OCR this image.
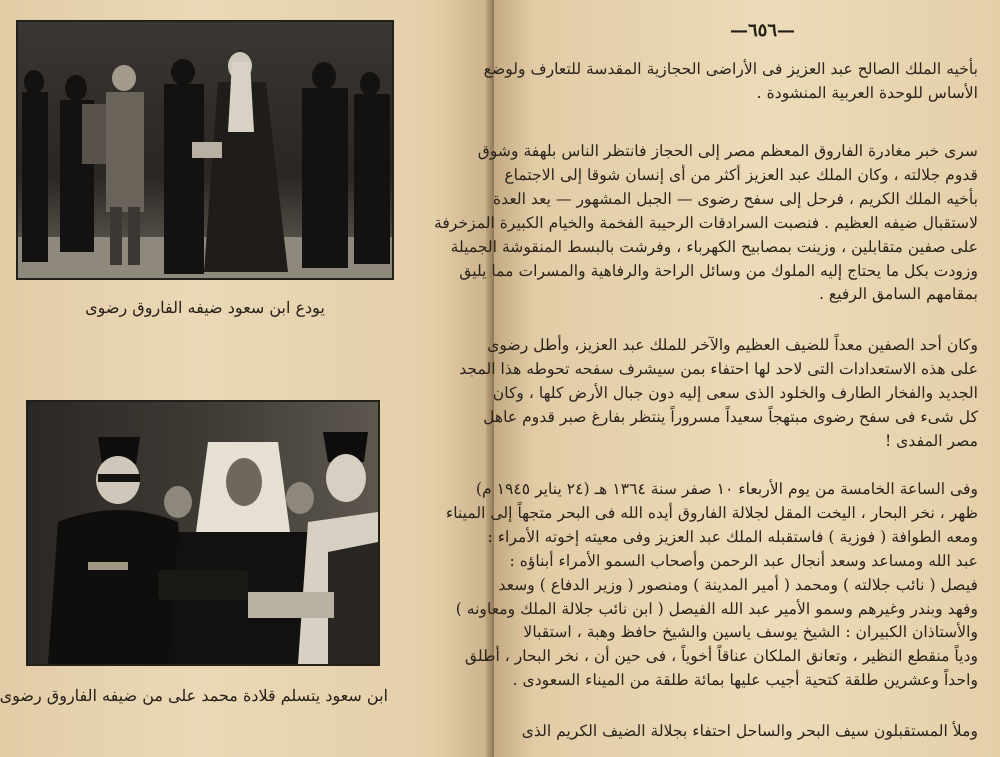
يودع ابن سعود ضيفه الفاروق رضوى
ابن سعود يتسلم قلادة محمد على من ضيفه الفاروق رضوى
—٦٥٦—

بأخيه الملك الصالح عبد العزيز فى الأراضى الحجازية المقدسة للتعارف ولوضع
الأساس للوحدة العربية المنشودة .

سرى خبر مغادرة الفاروق المعظم مصر إلى الحجاز فانتظر الناس بلهفة وشوق
قدوم جلالته ، وكان الملك عبد العزيز أكثر من أى إنسان شوقا إلى الاجتماع
بأخيه الملك الكريم ، فرحل إلى سفح رضوى — الجبل المشهور — يعد العدة
لاستقبال ضيفه العظيم . فنصبت السرادقات الرحيبة الفخمة والخيام الكبيرة المزخرفة
على صفين متقابلين ، وزينت بمصابيح الكهرباء ، وفرشت بالبسط المنقوشة الجميلة
وزودت بكل ما يحتاج إليه الملوك من وسائل الراحة والرفاهية والمسرات مما يليق
بمقامهم السامق الرفيع .

وكان أحد الصفين معداً للضيف العظيم والآخر للملك عبد العزيز، وأطل رضوى
على هذه الاستعدادات التى لاحد لها احتفاء بمن سيشرف سفحه تحوطه هذا المجد
الجديد والفخار الطارف والخلود الذى سعى إليه دون جبال الأرض كلها ، وكان
كل شىء فى سفح رضوى مبتهجاً سعيداً مسروراً ينتظر بفارغ صبر قدوم عاهل
مصر المفدى !

وفى الساعة الخامسة من يوم الأربعاء ١٠ صفر سنة ١٣٦٤ هـ (٢٤ يناير ١٩٤٥ م)
ظهر ، نخر البحار ، اليخت المقل لجلالة الفاروق أيده الله فى البحر متجهاً إلى الميناء
ومعه الطوافة ( فوزية ) فاستقبله الملك عبد العزيز وفى معيته إخوته الأمراء :
عبد الله ومساعد وسعد أنجال عبد الرحمن وأصحاب السمو الأمراء أبناؤه :
فيصل ( نائب جلالته ) ومحمد ( أمير المدينة ) ومنصور ( وزير الدفاع ) وسعد
وفهد وبندر وغيرهم وسمو الأمير عبد الله الفيصل ( ابن نائب جلالة الملك ومعاونه )
والأستاذان الكبيران : الشيخ يوسف ياسين والشيخ حافظ وهبة ، استقبالا
ودياً منقطع النظير ، وتعانق الملكان عناقاً أخوياً ، فى حين أن ، نخر البحار ، أطلق
واحداً وعشرين طلقة كتحية أجيب عليها بمائة طلقة من الميناء السعودى .

وملأ المستقبلون سيف البحر والساحل احتفاء بجلالة الضيف الكريم الذى
